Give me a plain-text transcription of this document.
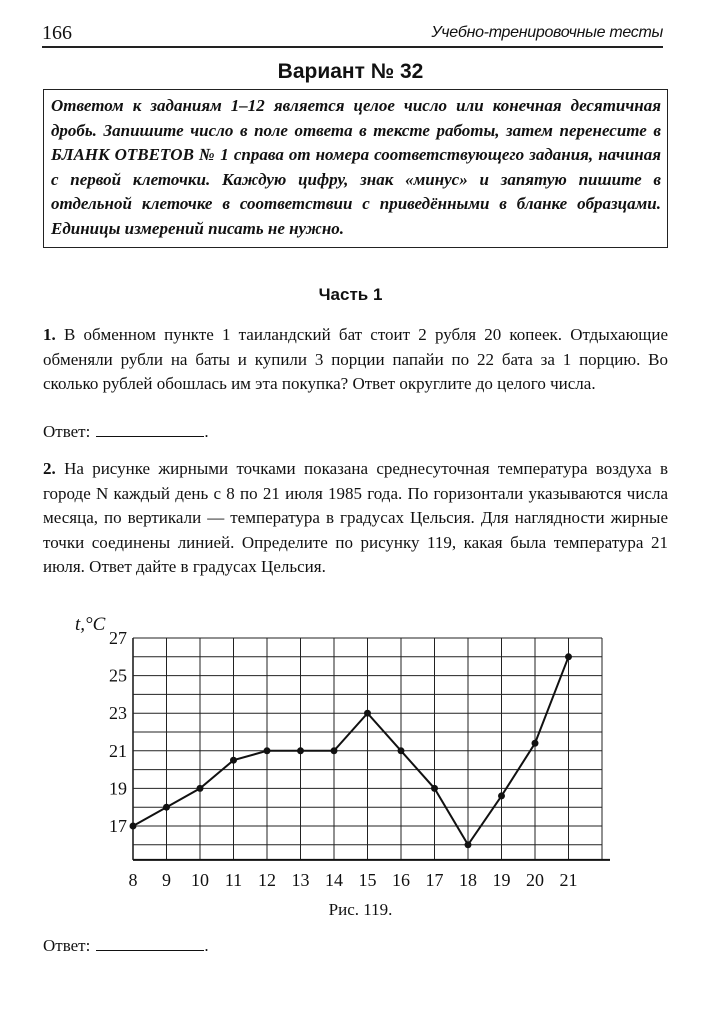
166	Учебно-тренировочные тесты
Вариант № 32
Ответом к заданиям 1–12 является целое число или конечная десятичная дробь. Запишите число в поле ответа в тексте работы, затем перенесите в БЛАНК ОТВЕТОВ № 1 справа от номера соответствующего задания, начиная с первой клеточки. Каждую цифру, знак «минус» и запятую пишите в отдельной клеточке в соответствии с приведёнными в бланке образцами. Единицы измерений писать не нужно.
Часть 1
1. В обменном пункте 1 таиландский бат стоит 2 рубля 20 копеек. Отдыхающие обменяли рубли на баты и купили 3 порции папайи по 22 бата за 1 порцию. Во сколько рублей обошлась им эта покупка? Ответ округлите до целого числа.
Ответ:	.
2. На рисунке жирными точками показана среднесуточная температура воздуха в городе N каждый день с 8 по 21 июля 1985 года. По горизонтали указываются числа месяца, по вертикали — температура в градусах Цельсия. Для наглядности жирные точки соединены линией. Определите по рисунку 119, какая была температура 21 июля. Ответ дайте в градусах Цельсия.
17
19
21
23
25
27
8 9 10 11 12 13 14 15 16 17 18 19 20 21
t,°C
Рис. 119.
Ответ:	.
